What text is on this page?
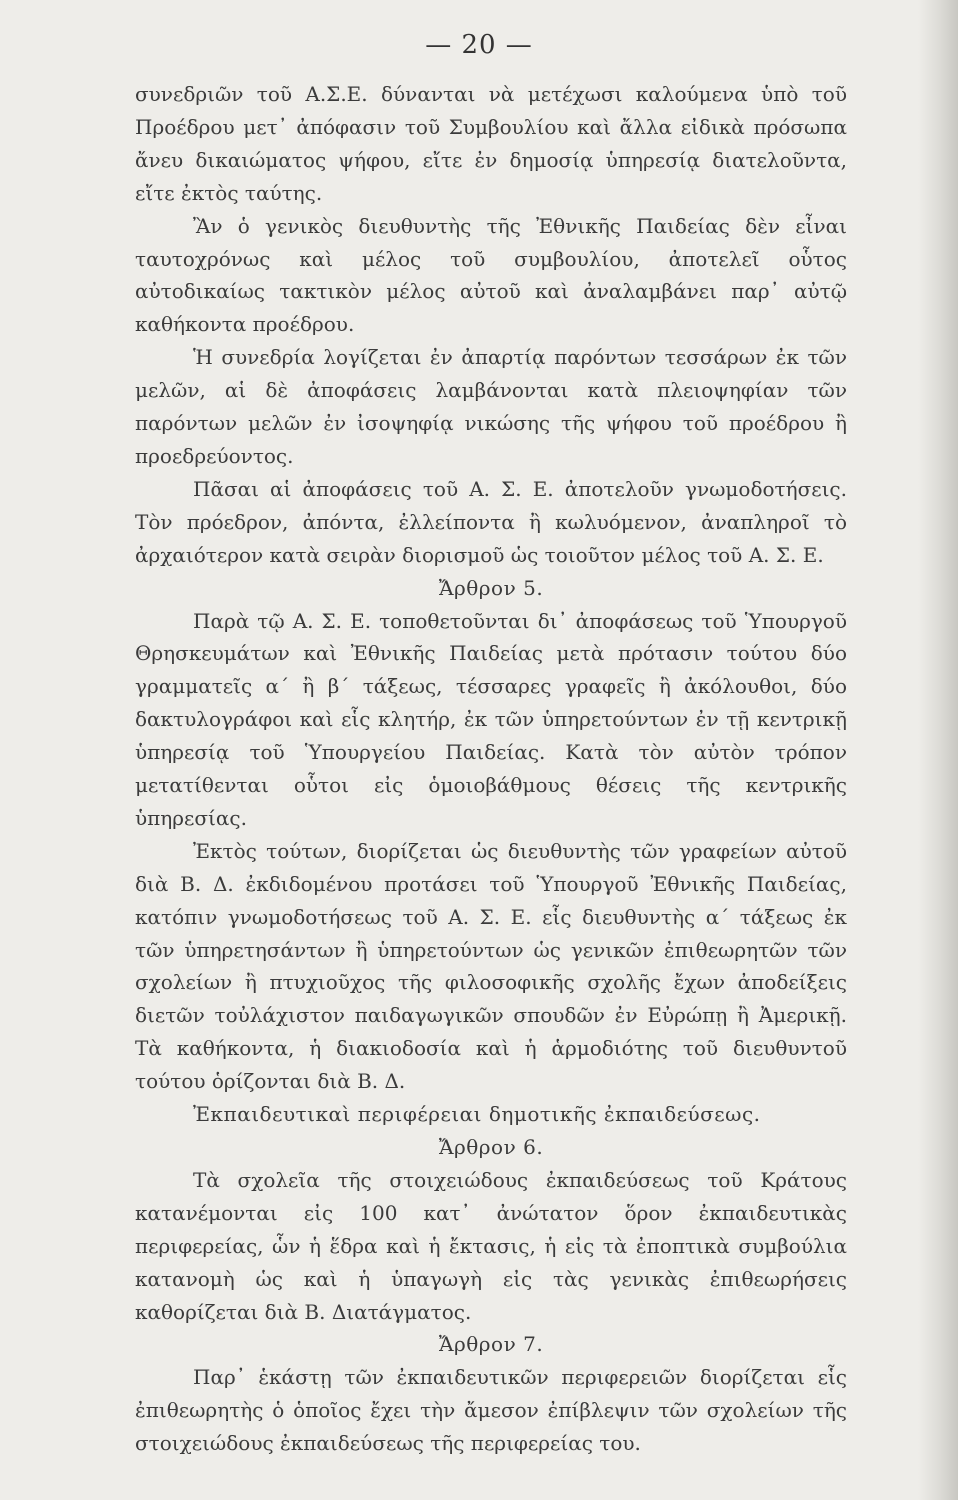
— 20 —

συνεδριῶν τοῦ Α.Σ.Ε. δύνανται νὰ μετέχωσι καλούμενα ὑπὸ τοῦ Προέδρου μετ᾿ ἀπόφασιν τοῦ Συμβουλίου καὶ ἄλλα εἰδικὰ πρόσωπα ἄνευ δικαιώματος ψήφου, εἴτε ἐν δημοσίᾳ ὑπηρεσίᾳ διατελοῦντα, εἴτε ἐκτὸς ταύτης.

Ἂν ὁ γενικὸς διευθυντὴς τῆς Ἐθνικῆς Παιδείας δὲν εἶναι ταυτοχρόνως καὶ μέλος τοῦ συμβουλίου, ἀποτελεῖ οὗτος αὐτοδικαίως τακτικὸν μέλος αὐτοῦ καὶ ἀναλαμβάνει παρ᾿ αὐτῷ καθήκοντα προέδρου.

Ἡ συνεδρία λογίζεται ἐν ἀπαρτίᾳ παρόντων τεσσάρων ἐκ τῶν μελῶν, αἱ δὲ ἀποφάσεις λαμβάνονται κατὰ πλειοψηφίαν τῶν παρόντων μελῶν ἐν ἰσοψηφίᾳ νικώσης τῆς ψήφου τοῦ προέδρου ἢ προεδρεύοντος.

Πᾶσαι αἱ ἀποφάσεις τοῦ Α. Σ. Ε. ἀποτελοῦν γνωμοδοτήσεις. Τὸν πρόεδρον, ἀπόντα, ἐλλείποντα ἢ κωλυόμενον, ἀναπληροῖ τὸ ἀρχαιότερον κατὰ σειρὰν διορισμοῦ ὡς τοιοῦτον μέλος τοῦ Α. Σ. Ε.

Ἄρθρον 5.

Παρὰ τῷ Α. Σ. Ε. τοποθετοῦνται δι᾿ ἀποφάσεως τοῦ Ὑπουργοῦ Θρησκευμάτων καὶ Ἐθνικῆς Παιδείας μετὰ πρότασιν τούτου δύο γραμματεῖς α΄ ἢ β΄ τάξεως, τέσσαρες γραφεῖς ἢ ἀκόλουθοι, δύο δακτυλογράφοι καὶ εἷς κλητήρ, ἐκ τῶν ὑπηρετούντων ἐν τῇ κεντρικῇ ὑπηρεσίᾳ τοῦ Ὑπουργείου Παιδείας. Κατὰ τὸν αὐτὸν τρόπον μετατίθενται οὗτοι εἰς ὁμοιοβάθμους θέσεις τῆς κεντρικῆς ὑπηρεσίας.

Ἐκτὸς τούτων, διορίζεται ὡς διευθυντὴς τῶν γραφείων αὐτοῦ διὰ Β. Δ. ἐκδιδομένου προτάσει τοῦ Ὑπουργοῦ Ἐθνικῆς Παιδείας, κατόπιν γνωμοδοτήσεως τοῦ Α. Σ. Ε. εἷς διευθυντὴς α΄ τάξεως ἐκ τῶν ὑπηρετησάντων ἢ ὑπηρετούντων ὡς γενικῶν ἐπιθεωρητῶν τῶν σχολείων ἢ πτυχιοῦχος τῆς φιλοσοφικῆς σχολῆς ἔχων ἀποδείξεις διετῶν τοὐλάχιστον παιδαγωγικῶν σπουδῶν ἐν Εὐρώπῃ ἢ Ἀμερικῇ. Τὰ καθήκοντα, ἡ διακιοδοσία καὶ ἡ ἁρμοδιότης τοῦ διευθυντοῦ τούτου ὁρίζονται διὰ Β. Δ.

Ἐκπαιδευτικαὶ περιφέρειαι δημοτικῆς ἐκπαιδεύσεως.

Ἄρθρον 6.

Τὰ σχολεῖα τῆς στοιχειώδους ἐκπαιδεύσεως τοῦ Κράτους κατανέμονται εἰς 100 κατ᾿ ἀνώτατον ὅρον ἐκπαιδευτικὰς περιφερείας, ὧν ἡ ἕδρα καὶ ἡ ἔκτασις, ἡ εἰς τὰ ἐποπτικὰ συμβούλια κατανομὴ ὡς καὶ ἡ ὑπαγωγὴ εἰς τὰς γενικὰς ἐπιθεωρήσεις καθορίζεται διὰ Β. Διατάγματος.

Ἄρθρον 7.

Παρ᾿ ἑκάστῃ τῶν ἐκπαιδευτικῶν περιφερειῶν διορίζεται εἷς ἐπιθεωρητὴς ὁ ὁποῖος ἔχει τὴν ἄμεσον ἐπίβλεψιν τῶν σχολείων τῆς στοιχειώδους ἐκπαιδεύσεως τῆς περιφερείας του.
